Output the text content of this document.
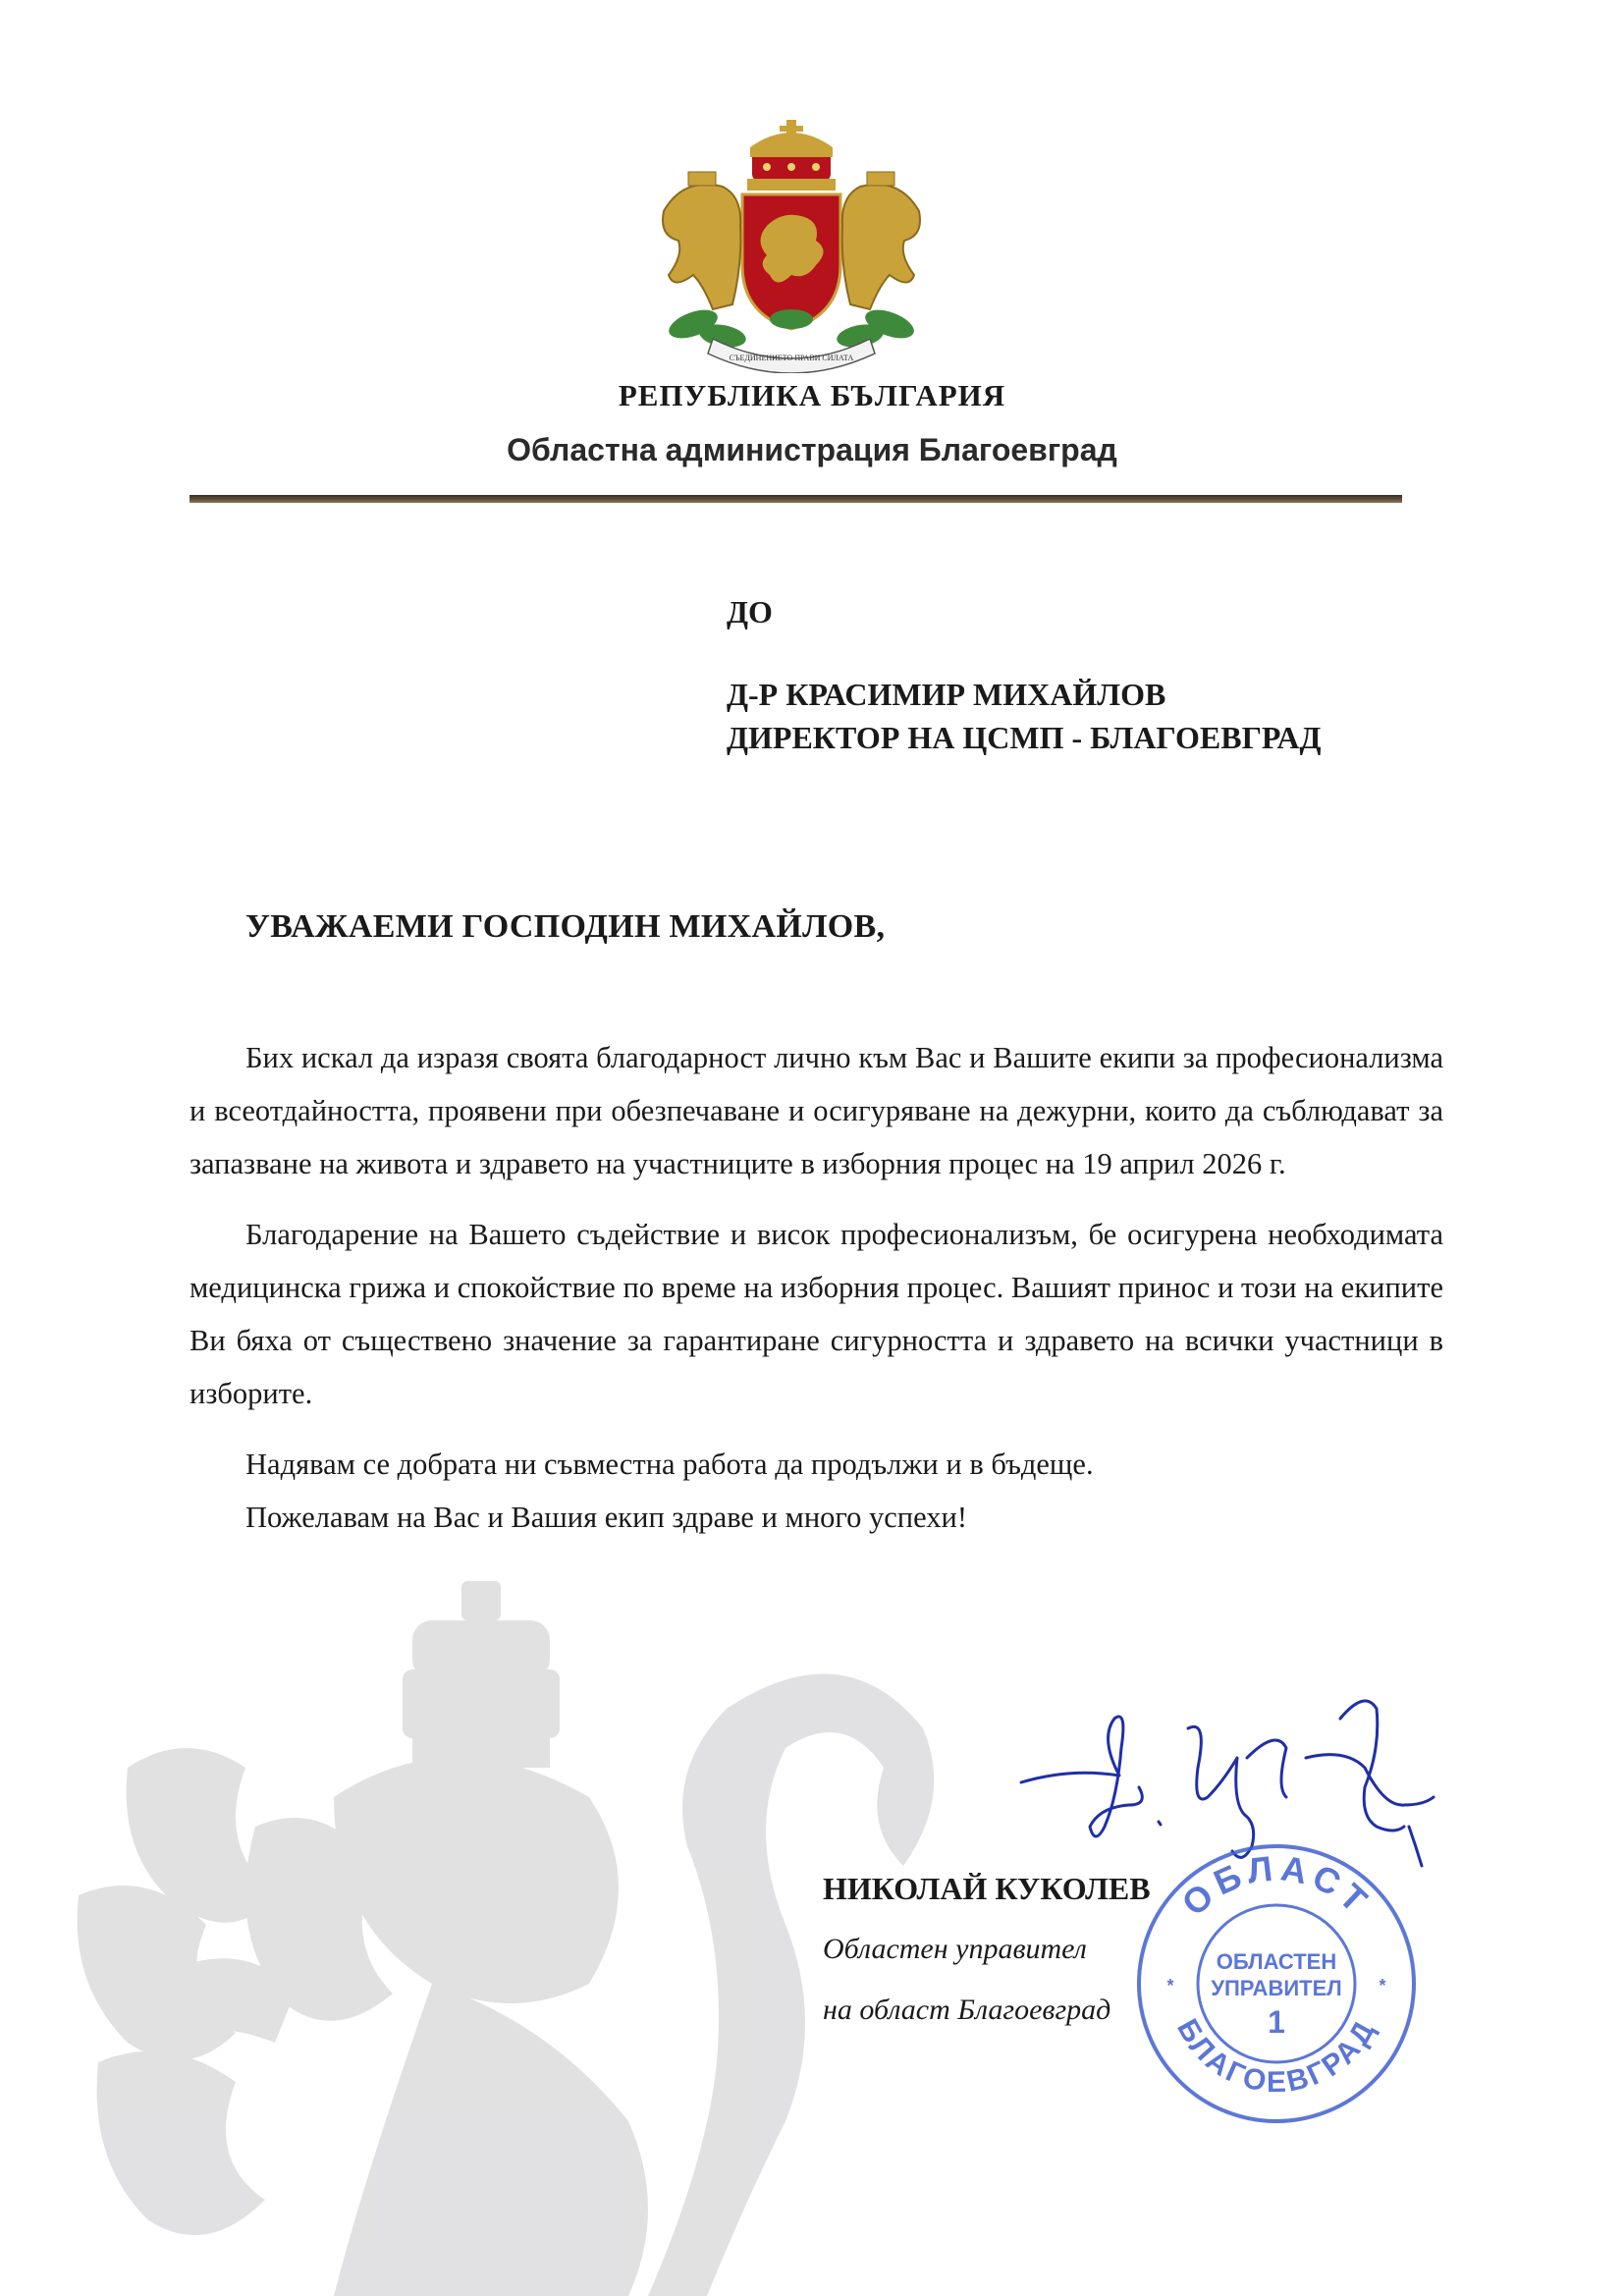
СЪЕДИНЕНИЕТО ПРАВИ СИЛАТА
РЕПУБЛИКА БЪЛГАРИЯ
Областна администрация Благоевград
ДО
Д-Р КРАСИМИР МИХАЙЛОВ
ДИРЕКТОР НА ЦСМП - БЛАГОЕВГРАД
УВАЖАЕМИ ГОСПОДИН МИХАЙЛОВ,

Бих искал да изразя своята благодарност лично към Вас и Вашите екипи за професионализма и всеотдайността, проявени при обезпечаване и осигуряване на дежурни, които да съблюдават за запазване на живота и здравето на участниците в изборния процес на 19 април 2026 г.

Благодарение на Вашето съдействие и висок професионализъм, бе осигурена необходимата медицинска грижа и спокойствие по време на изборния процес. Вашият принос и този на екипите Ви бяха от съществено значение за гарантиране сигурността и здравето на всички участници в изборите.

Надявам се добрата ни съвместна работа да продължи и в бъдеще.

Пожелавам на Вас и Вашия екип здраве и много успехи!

НИКОЛАЙ КУКОЛЕВ
Областен управител
на област Благоевград
ОБЛАСТ
БЛАГОЕВГРАД
ОБЛАСТЕН
УПРАВИТЕЛ
1
*	*
